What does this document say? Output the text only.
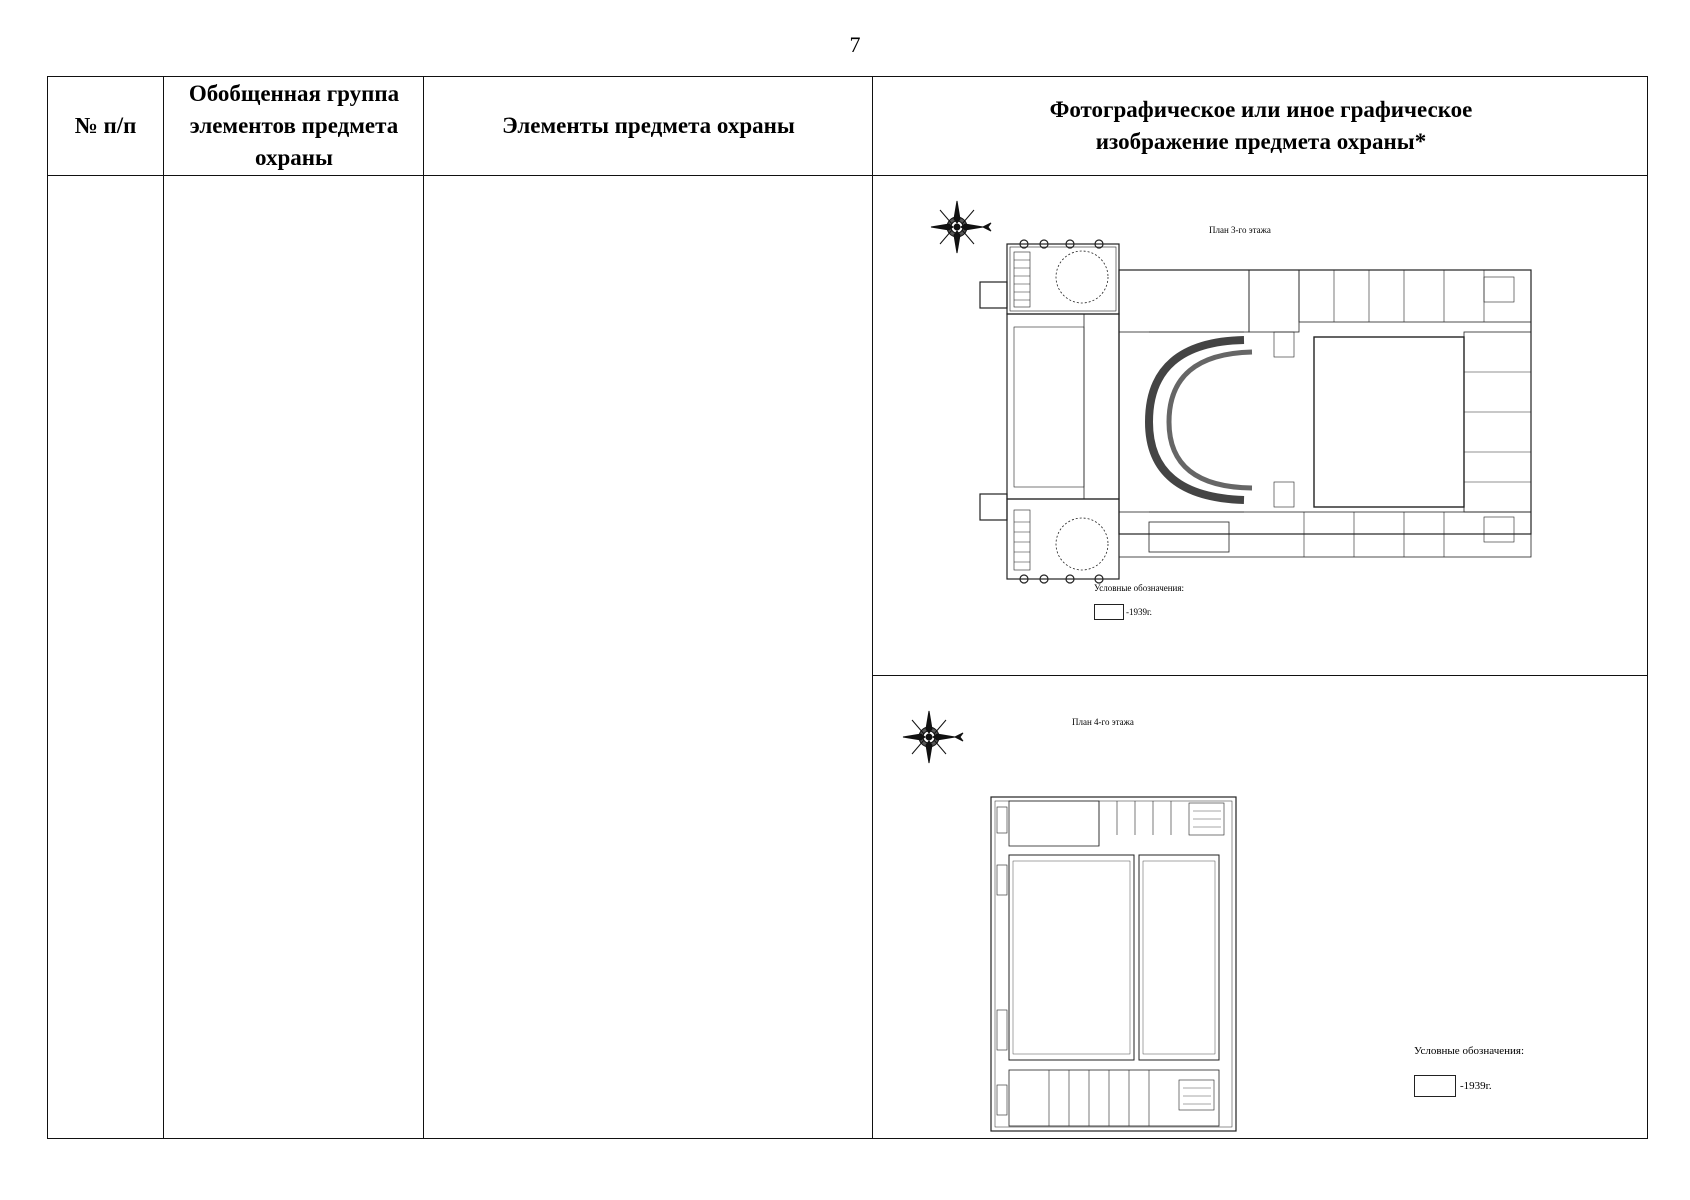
7
№ п/п
Обобщенная группа элементов предмета охраны
Элементы предмета охраны
Фотографическое или иное графическое изображение предмета охраны*
План 3-го этажа
Условные обозначения:
-1939г.
План 4-го этажа
Условные обозначения:
-1939г.
